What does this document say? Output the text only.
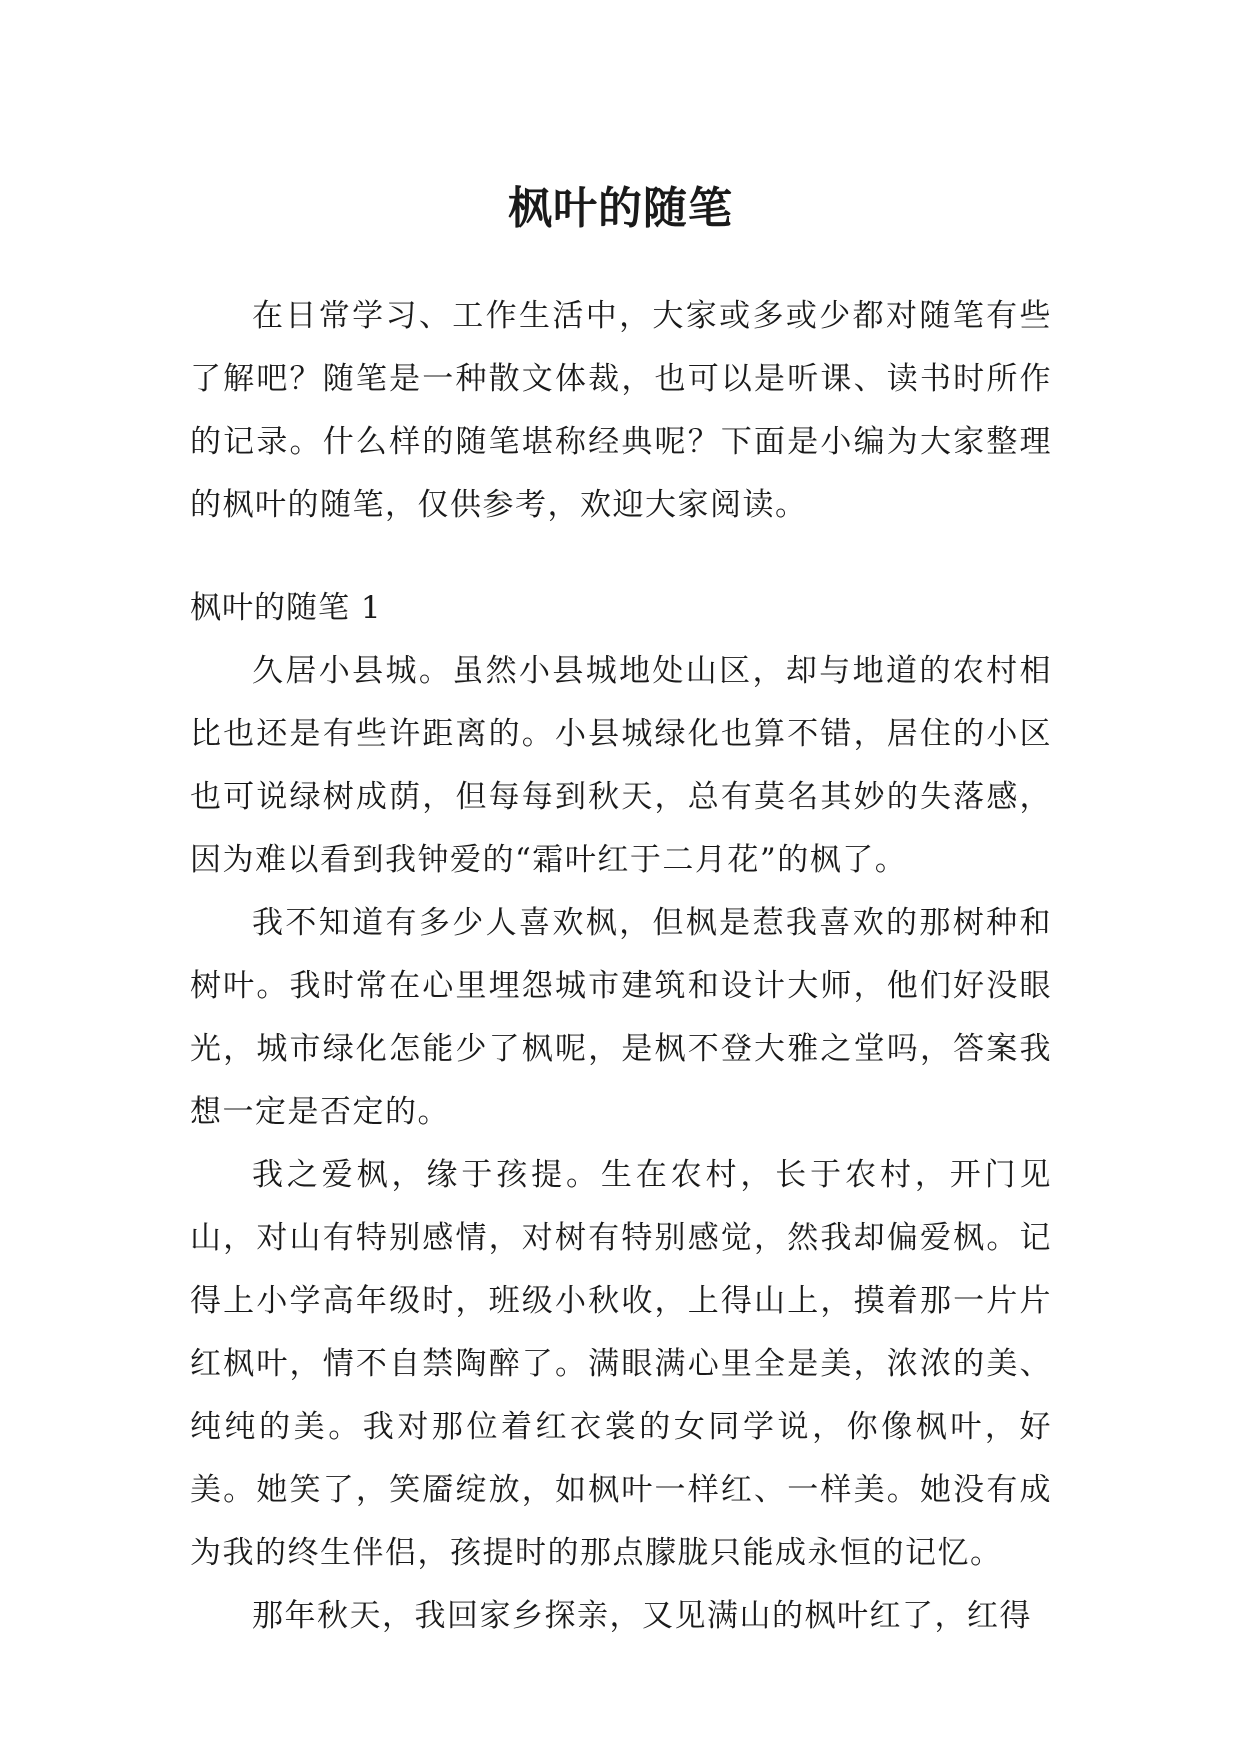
枫叶的随笔

在日常学习、工作生活中，大家或多或少都对随笔有些了解吧？随笔是一种散文体裁，也可以是听课、读书时所作的记录。什么样的随笔堪称经典呢？下面是小编为大家整理的枫叶的随笔，仅供参考，欢迎大家阅读。

枫叶的随笔 1

久居小县城。虽然小县城地处山区，却与地道的农村相比也还是有些许距离的。小县城绿化也算不错，居住的小区也可说绿树成荫，但每每到秋天，总有莫名其妙的失落感，因为难以看到我钟爱的“霜叶红于二月花”的枫了。

我不知道有多少人喜欢枫，但枫是惹我喜欢的那树种和树叶。我时常在心里埋怨城市建筑和设计大师，他们好没眼光，城市绿化怎能少了枫呢，是枫不登大雅之堂吗，答案我想一定是否定的。

我之爱枫，缘于孩提。生在农村，长于农村，开门见山，对山有特别感情，对树有特别感觉，然我却偏爱枫。记得上小学高年级时，班级小秋收，上得山上，摸着那一片片红枫叶，情不自禁陶醉了。满眼满心里全是美，浓浓的美、纯纯的美。我对那位着红衣裳的女同学说，你像枫叶，好美。她笑了，笑靥绽放，如枫叶一样红、一样美。她没有成为我的终生伴侣，孩提时的那点朦胧只能成永恒的记忆。

那年秋天，我回家乡探亲，又见满山的枫叶红了，红得
